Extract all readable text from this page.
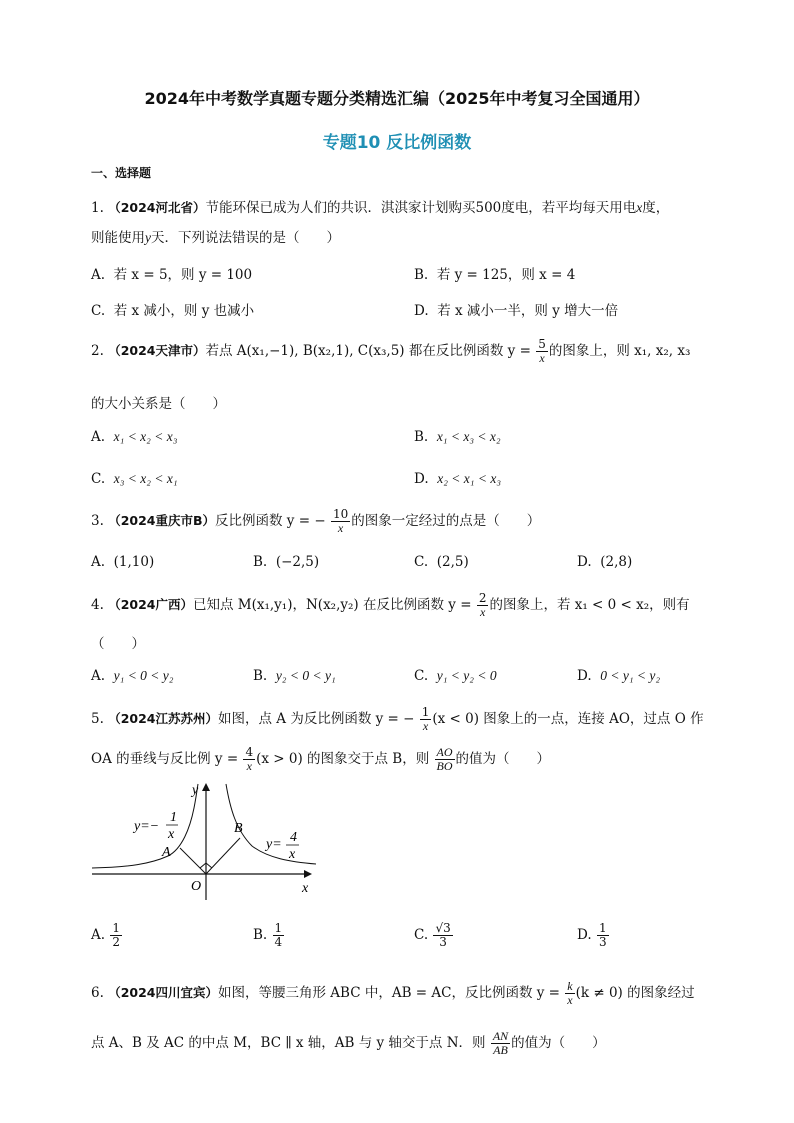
2024年中考数学真题专题分类精选汇编（2025年中考复习全国通用）
专题10 反比例函数
一、选择题
1. （2024河北省）节能环保已成为人们的共识．淇淇家计划购买500度电，若平均每天用电x度，
则能使用y天．下列说法错误的是（　　）
A. 若 x = 5，则 y = 100	B. 若 y = 125，则 x = 4
C. 若 x 减小，则 y 也减小	D. 若 x 减小一半，则 y 增大一倍
2. （2024天津市）若点 A(x₁,−1), B(x₂,1), C(x₃,5) 都在反比例函数 $y = \frac{5}{x}$ 的图象上，则 x₁, x₂, x₃
的大小关系是（　　）
A. x₁ < x₂ < x₃	B. x₁ < x₃ < x₂
C. x₃ < x₂ < x₁	D. x₂ < x₁ < x₃
3. （2024重庆市B）反比例函数 y = − $\frac{10}{x}$ 的图象一定经过的点是（　　）
A. (1,10)	B. (−2,5)	C. (2,5)	D. (2,8)
4. （2024广西）已知点 M(x₁,y₁)，N(x₂,y₂) 在反比例函数 $y = \frac{2}{x}$ 的图象上，若 x₁ < 0 < x₂，则有
（　　）
A. y₁ < 0 < y₂	B. y₂ < 0 < y₁	C. y₁ < y₂ < 0	D. 0 < y₁ < y₂
5. （2024江苏苏州）如图，点 A 为反比例函数 y = − $\frac{1}{x} (x < 0)$ 图象上的一点，连接 AO，过点 O 作
OA 的垂线与反比例 $y = \frac{4}{x} (x > 0)$ 的图象交于点 B，则 $\frac{AO}{BO}$ 的值为（　　）
y=−
1
x
y= 4
x
A
B
O	x
y
A. $\frac{1}{2}$	B. $\frac{1}{4}$	C. $\frac{√3}{3}$	D. $\frac{1}{3}$
6. （2024四川宜宾）如图，等腰三角形 ABC 中，AB = AC，反比例函数 $y = \frac{k}{x} (k \ne 0)$ 的图象经过
点 A、B 及 AC 的中点 M，BC ∥ x 轴，AB 与 y 轴交于点 N．则 $\frac{AN}{AB}$ 的值为（　　）
